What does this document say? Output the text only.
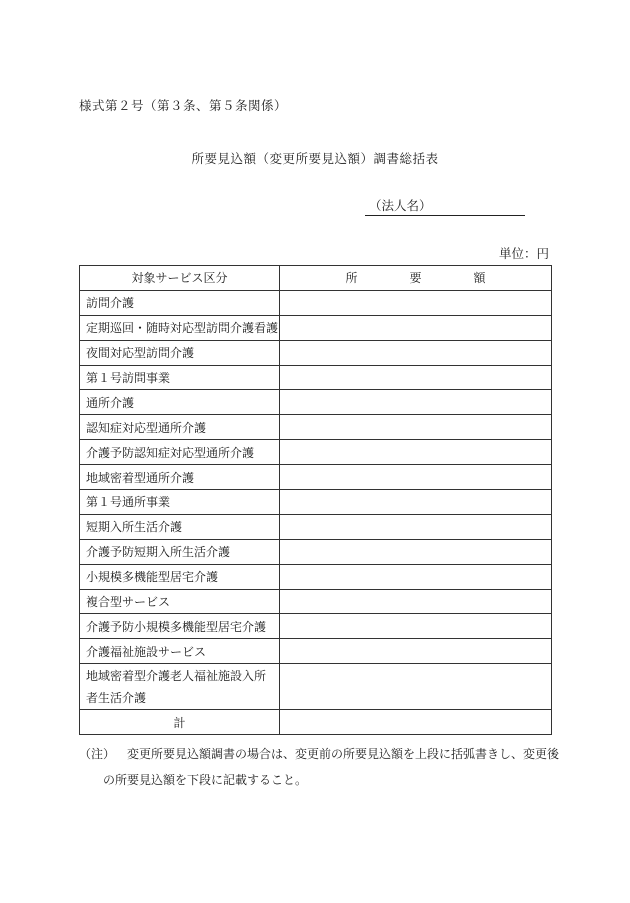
様式第２号（第３条、第５条関係）
所要見込額（変更所要見込額）調書総括表
（法人名）
単位：円
対象サービス区分	所 要 額
訪問介護	
定期巡回・随時対応型訪問介護看護	
夜間対応型訪問介護	
第１号訪問事業	
通所介護	
認知症対応型通所介護	
介護予防認知症対応型通所介護	
地域密着型通所介護	
第１号通所事業	
短期入所生活介護	
介護予防短期入所生活介護	
小規模多機能型居宅介護	
複合型サービス	
介護予防小規模多機能型居宅介護	
介護福祉施設サービス	
地域密着型介護老人福祉施設入所者生活介護	
計	
（注） 変更所要見込額調書の場合は、変更前の所要見込額を上段に括弧書きし、変更後
の所要見込額を下段に記載すること。
